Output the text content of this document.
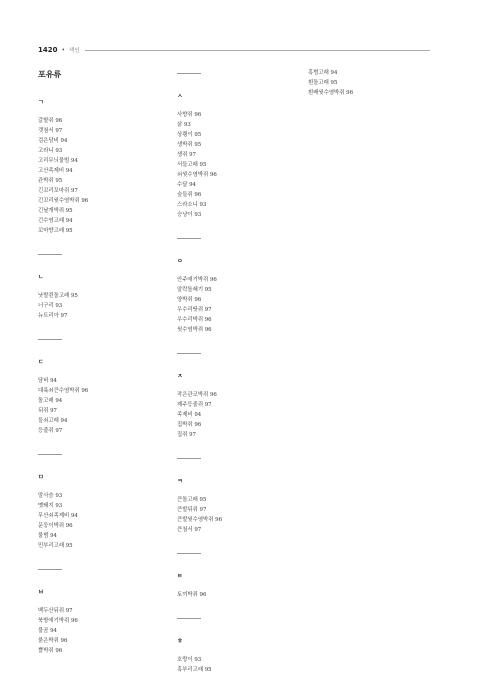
1420 • 색인
포유류
ㄱ
갈밭쥐 96
갯첨서 97
검은담비 94
고라니 93
고리무늬물범 94
고산족제비 94
관박쥐 95
긴꼬리꼬마쥐 97
긴꼬리윗수염박쥐 96
긴날개박쥐 95
긴수염고래 94
꼬마향고래 95
ㄴ
낫발쥔돌고래 95
너구리 93
뉴트리아 97
ㄷ
담비 94
대륙쇠큰수염박쥐 96
돌고래 94
뒤쥐 97
들쇠고래 94
등줄쥐 97
ㅁ
말사슴 93
멧돼지 93
무산쇠족제비 94
문둥이박쥐 96
물범 94
민부리고래 95
ㅂ
백두산뒤쥐 97
북방애기박쥐 96
불곰 94
붉은박쥐 96
쁠박쥐 96
ㅅ
사향쥐 96
삵 93
상쾡이 95
생박쥐 95
생쥐 97
서들고래 95
쇠윗수염박쥐 96
수달 94
숲들쥐 96
스라소니 93
승냥이 93
ㅇ
안주애기박쥐 96
알락돌쇄기 95
양박쥐 96
우수리땃쥐 97
우수리박쥐 96
윗수염박쥐 96
ㅈ
작은관코박쥐 96
제주등줄쥐 97
족제비 94
집박쥐 96
집쥐 97
ㅋ
큰돌고래 95
큰발뒤쥐 97
큰발윗수염박쥐 96
큰첨서 97
ㅌ
토끼박쥐 96
ㅎ
호랑이 93
혹부리고래 95
혹범고래 94
흰돌고래 95
흰배윗수염박쥐 96
